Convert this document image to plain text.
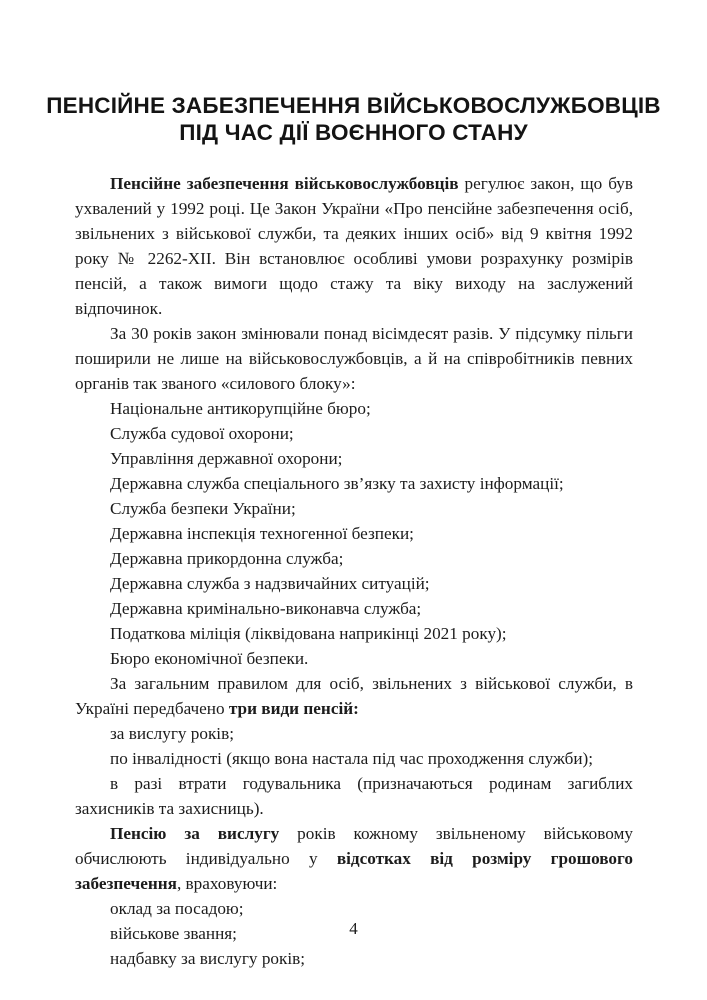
ПЕНСІЙНЕ ЗАБЕЗПЕЧЕННЯ ВІЙСЬКОВОСЛУЖБОВЦІВ
ПІД ЧАС ДІЇ ВОЄННОГО СТАНУ

Пенсійне забезпечення військовослужбовців регулює закон, що був ухвалений у 1992 році. Це Закон України «Про пенсійне забезпечення осіб, звільнених з військової служби, та деяких інших осіб» від 9 квітня 1992 року № 2262-XII. Він встановлює особливі умови розрахунку розмірів пенсій, а також вимоги щодо стажу та віку виходу на заслужений відпочинок.

За 30 років закон змінювали понад вісімдесят разів. У підсумку пільги поширили не лише на військовослужбовців, а й на співробітників певних органів так званого «силового блоку»:

Національне антикорупційне бюро;

Служба судової охорони;

Управління державної охорони;

Державна служба спеціального зв’язку та захисту інформації;

Служба безпеки України;

Державна інспекція техногенної безпеки;

Державна прикордонна служба;

Державна служба з надзвичайних ситуацій;

Державна кримінально-виконавча служба;

Податкова міліція (ліквідована наприкінці 2021 року);

Бюро економічної безпеки.

За загальним правилом для осіб, звільнених з військової служби, в Україні передбачено три види пенсій:

за вислугу років;

по інвалідності (якщо вона настала під час проходження служби);

в разі втрати годувальника (призначаються родинам загиблих захисників та захисниць).

Пенсію за вислугу років кожному звільненому військовому обчислюють індивідуально у відсотках від розміру грошового забезпечення, враховуючи:

оклад за посадою;

військове звання;

надбавку за вислугу років;

4
